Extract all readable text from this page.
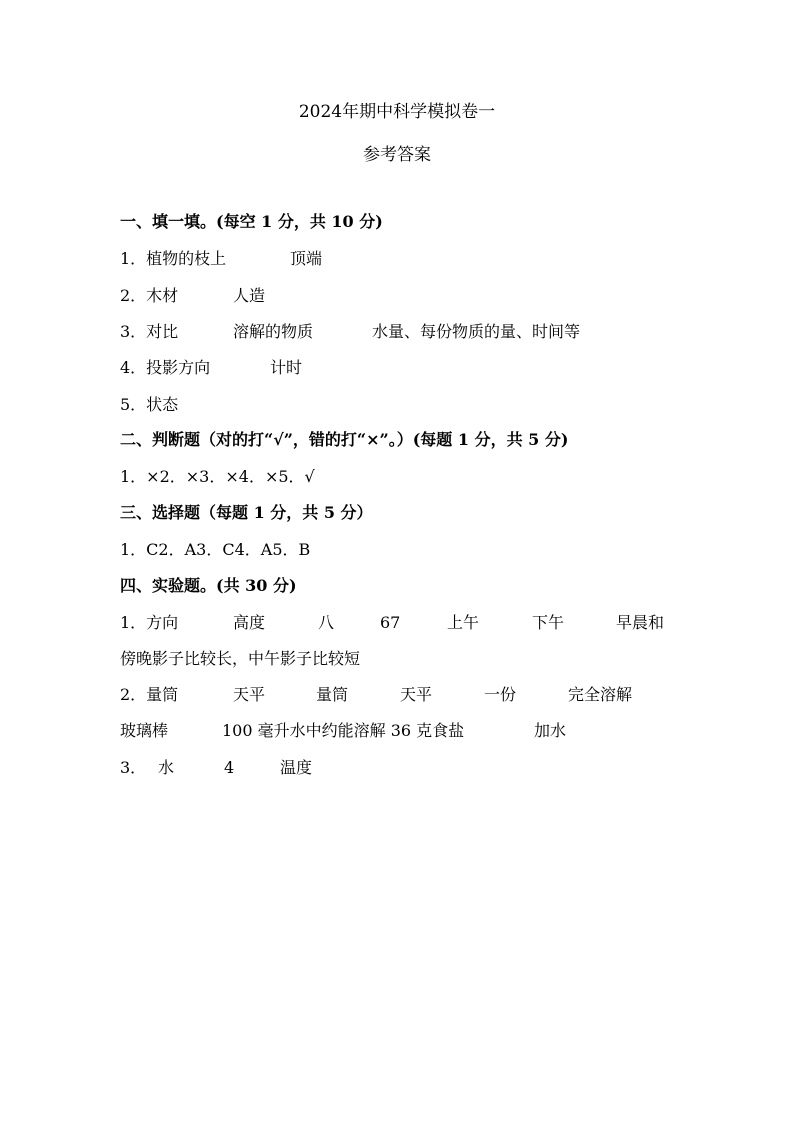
2024年期中科学模拟卷一
参考答案
一、填一填。(每空 1 分，共 10 分)
1．植物的枝上	顶端
2．木材	人造
3．对比	溶解的物质	水量、每份物质的量、时间等
4．投影方向	计时
5．状态
二、判断题（对的打“√”，错的打“×”。）(每题 1 分，共 5 分)
1．×2．×3．×4．×5．√
三、选择题（每题 1 分，共 5 分）
1．C2．A3．C4．A5．B
四、实验题。(共 30 分)
1．方向	高度	八	67	上午	下午	早晨和
傍晚影子比较长，中午影子比较短
2．量筒	天平	量筒	天平	一份	完全溶解
玻璃棒	100 毫升水中约能溶解 36 克食盐	加水
3． 水	4	温度
